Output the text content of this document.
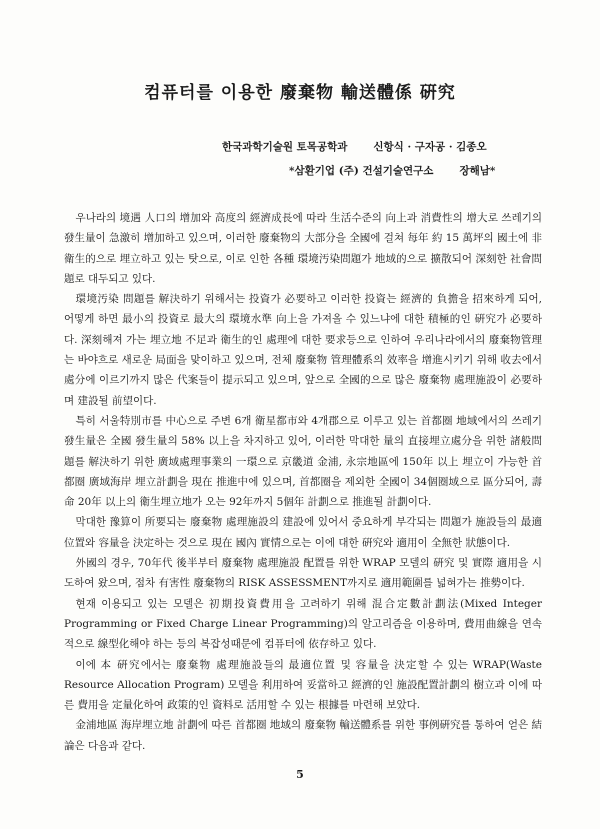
컴퓨터를 이용한 廢棄物 輸送體係 硏究
한국과학기술원 토목공학과 신항식 · 구자공 · 김종오
*삼환기업 (주) 건설기술연구소 장해남*

우나라의 境遇 人口의 增加와 高度의 經濟成長에 따라 生活수준의 向上과 消費性의 增大로 쓰레기의 發生量이 急激히 增加하고 있으며, 이러한 廢棄物의 大部分을 全國에 걸쳐 每年 約 15 萬坪의 國土에 非衛生的으로 埋立하고 있는 탓으로, 이로 인한 各種 環境汚染問題가 地域的으로 擴散되어 深刻한 社會問題로 대두되고 있다.

環境汚染 問題를 解決하기 위해서는 投資가 必要하고 이러한 投資는 經濟的 負擔을 招來하게 되어, 어떻게 하면 最小의 投資로 最大의 環境水準 向上을 가져올 수 있느냐에 대한 積極的인 硏究가 必要하다. 深刻해져 가는 埋立地 不足과 衛生的인 處理에 대한 要求등으로 인하여 우리나라에서의 廢棄物管理는 바야흐로 새로운 局面을 맞이하고 있으며, 전체 廢棄物 管理體系의 效率을 增進시키기 위해 收去에서 處分에 이르기까지 많은 代案들이 提示되고 있으며, 앞으로 全國的으로 많은 廢棄物 處理施設이 必要하며 建設될 前望이다.

특히 서울特別市를 中心으로 주변 6개 衛星都市와 4개郡으로 이루고 있는 首都圈 地域에서의 쓰레기 發生量은 全國 發生量의 58% 以上을 차지하고 있어, 이러한 막대한 量의 直接埋立處分을 위한 諸般問題를 解決하기 위한 廣域處理事業의 一環으로 京畿道 金浦, 永宗地區에 150年 以上 埋立이 가능한 首都圈 廣域海岸 埋立計劃을 現在 推進中에 있으며, 首都圈을 제외한 全國이 34個圈域으로 區分되어, 壽命 20年 以上의 衛生埋立地가 오는 92年까지 5個年 計劃으로 推進될 計劃이다.

막대한 豫算이 所要되는 廢棄物 處理施設의 建設에 있어서 중요하게 부각되는 問題가 施設들의 最適 位置와 容量을 決定하는 것으로 現在 國內 實情으로는 이에 대한 硏究와 適用이 全無한 狀態이다.

外國의 경우, 70年代 後半부터 廢棄物 處理施設 配置를 위한 WRAP 모델의 硏究 및 實際 適用을 시도하여 왔으며, 점차 有害性 廢棄物의 RISK ASSESSMENT까지로 適用範圍를 넓혀가는 推勢이다.

현재 이용되고 있는 모델은 初期投資費用을 고려하기 위해 混合定數計劃法(Mixed Integer Programming or Fixed Charge Linear Programming)의 알고리즘을 이용하며, 費用曲線을 연속적으로 線型化해야 하는 등의 복잡성때문에 컴퓨터에 依存하고 있다.

이에 本 硏究에서는 廢棄物 處理施設들의 最適位置 및 容量을 決定할 수 있는 WRAP(Waste Resource Allocation Program) 모델을 利用하여 妥當하고 經濟的인 施設配置計劃의 樹立과 이에 따른 費用을 定量化하여 政策的인 資料로 活用할 수 있는 根據를 마련해 보았다.

金浦地區 海岸埋立地 計劃에 따른 首都圈 地域의 廢棄物 輸送體系를 위한 事例硏究를 통하여 얻은 結論은 다음과 같다.

5
